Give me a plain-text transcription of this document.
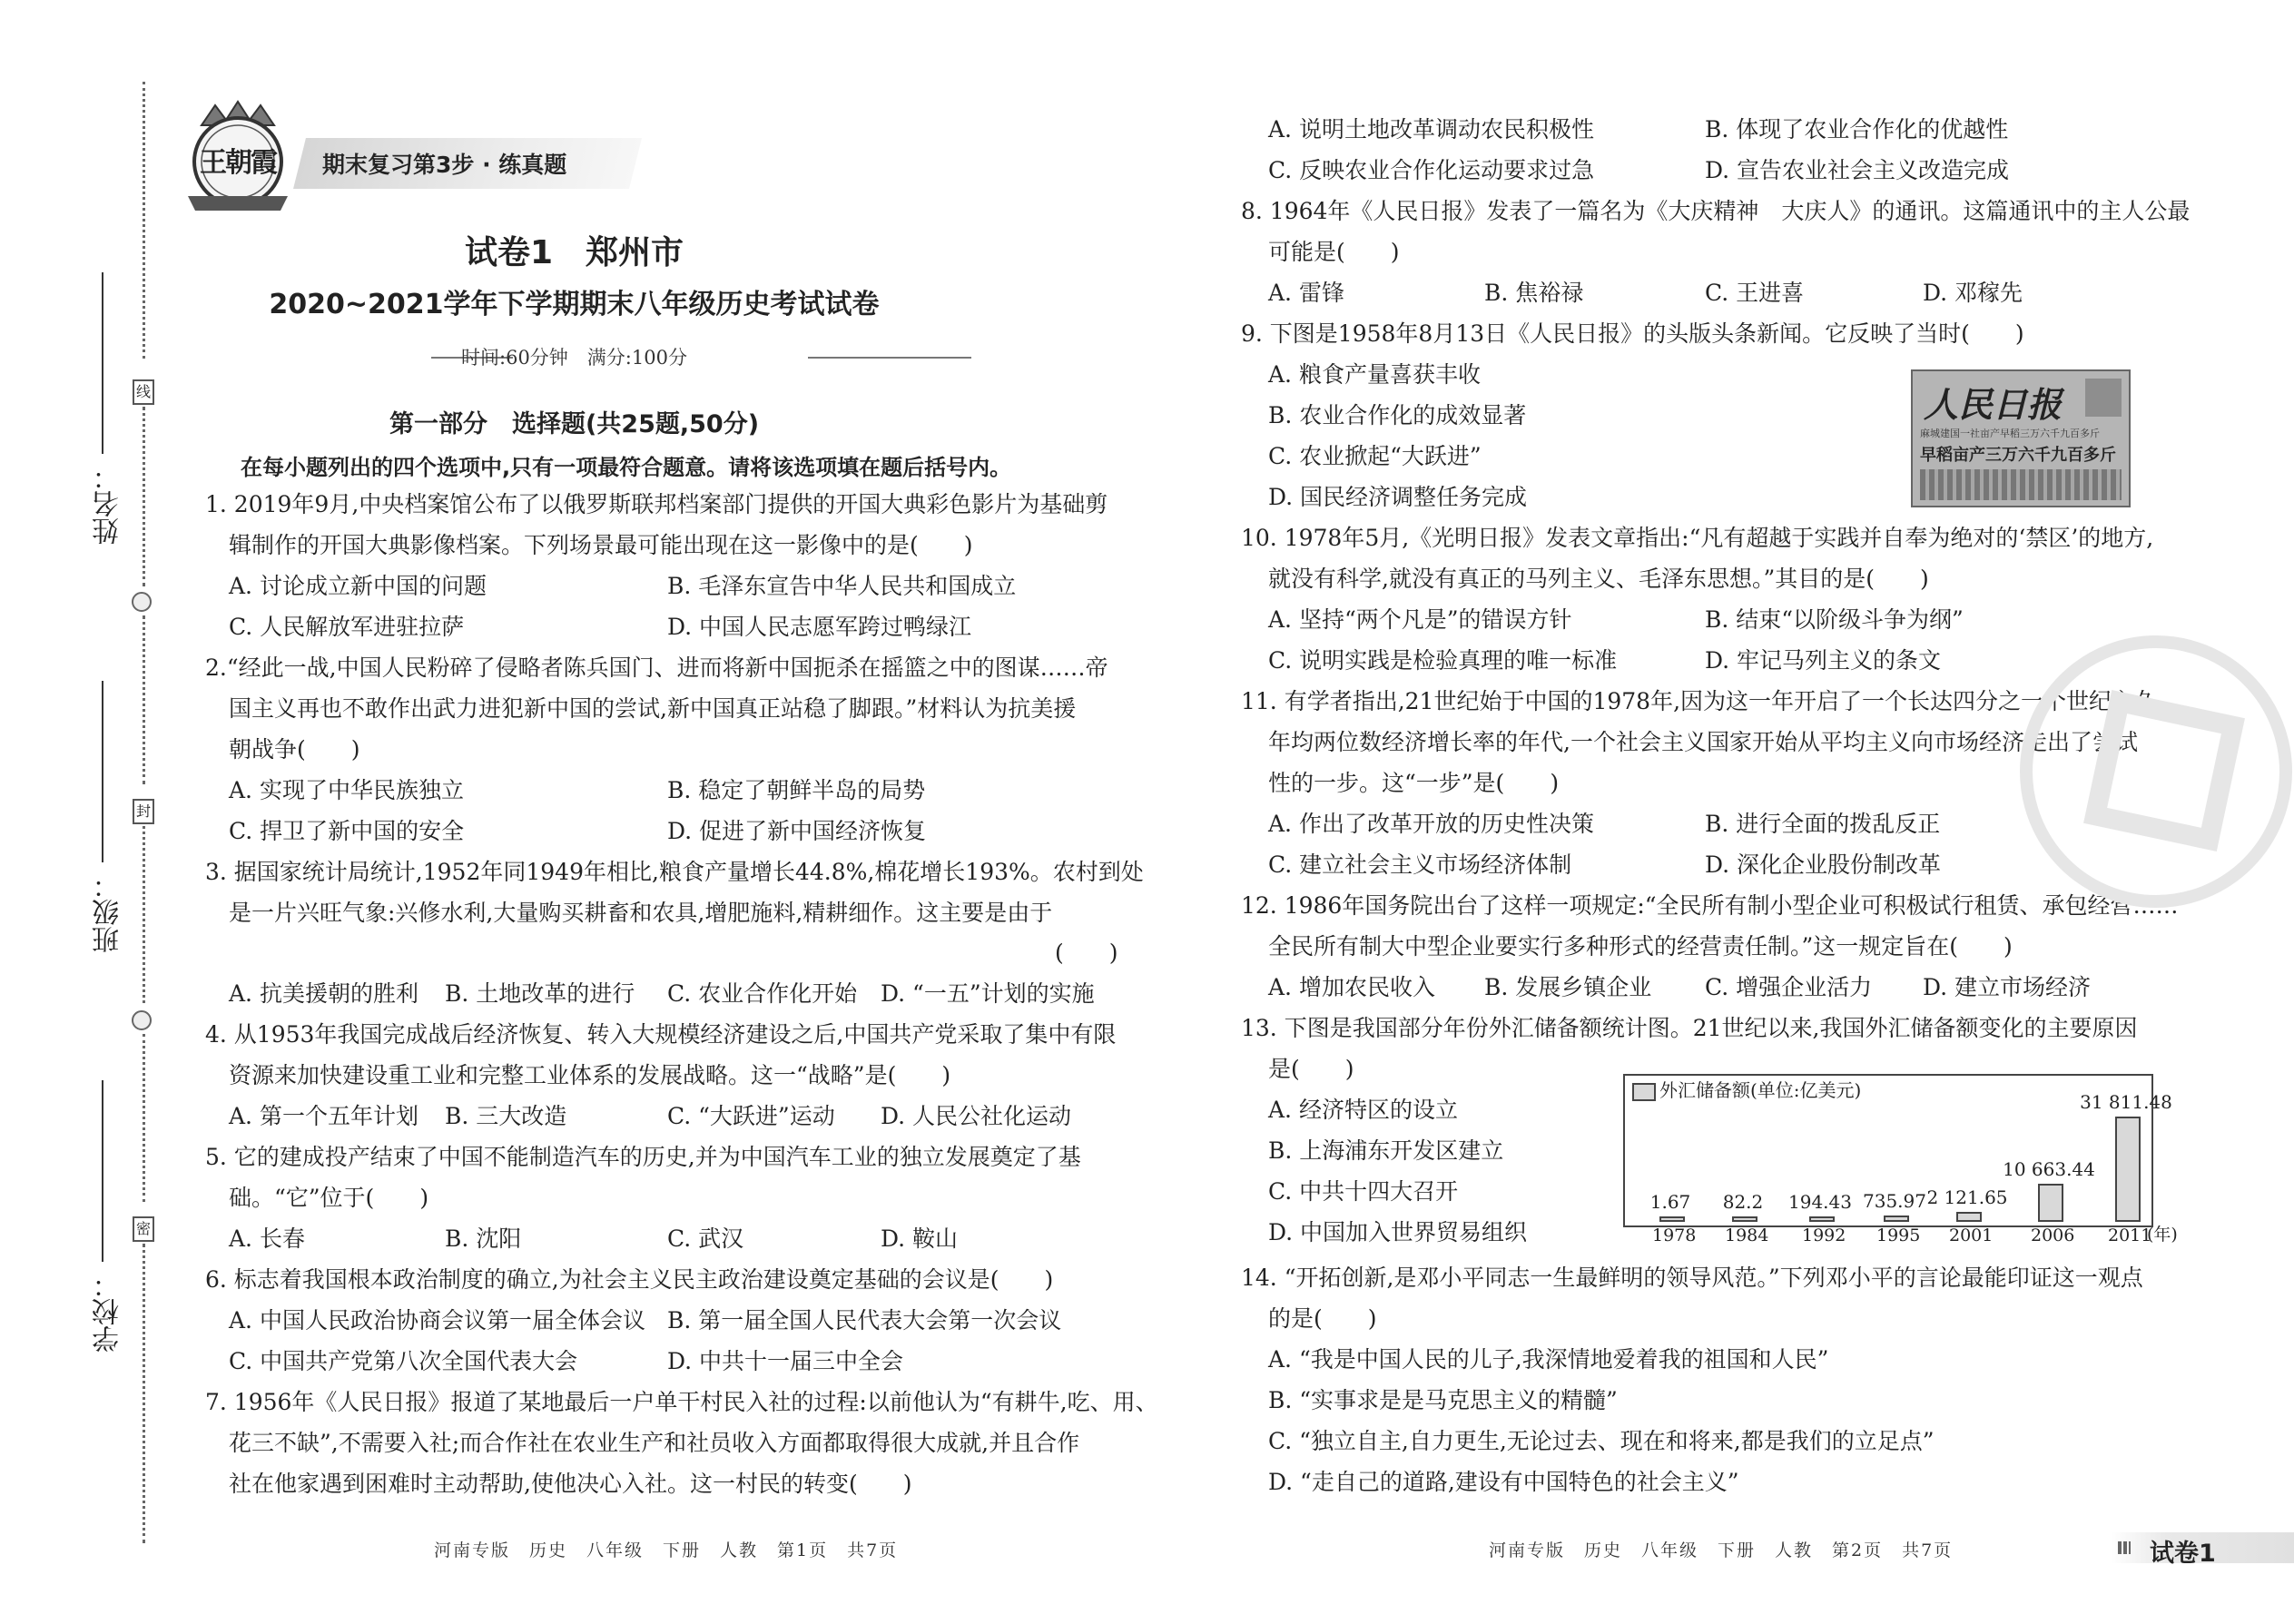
线
封
密
姓名：
班级：
学校：
王朝霞 期末复习第3步 · 练真题
试卷1　郑州市
2020~2021学年下学期期末八年级历史考试试卷
时间:60分钟　满分:100分
第一部分　选择题(共25题,50分)
在每小题列出的四个选项中,只有一项最符合题意。请将该选项填在题后括号内。
1. 2019年9月,中央档案馆公布了以俄罗斯联邦档案部门提供的开国大典彩色影片为基础剪
辑制作的开国大典影像档案。下列场景最可能出现在这一影像中的是(　　)
A. 讨论成立新中国的问题	B. 毛泽东宣告中华人民共和国成立
C. 人民解放军进驻拉萨	D. 中国人民志愿军跨过鸭绿江
2.“经此一战,中国人民粉碎了侵略者陈兵国门、进而将新中国扼杀在摇篮之中的图谋……帝
国主义再也不敢作出武力进犯新中国的尝试,新中国真正站稳了脚跟。”材料认为抗美援
朝战争(　　)
A. 实现了中华民族独立	B. 稳定了朝鲜半岛的局势
C. 捍卫了新中国的安全	D. 促进了新中国经济恢复
3. 据国家统计局统计,1952年同1949年相比,粮食产量增长44.8%,棉花增长193%。农村到处
是一片兴旺气象:兴修水利,大量购买耕畜和农具,增肥施料,精耕细作。这主要是由于
(　　)
A. 抗美援朝的胜利 B. 土地改革的进行 C. 农业合作化开始 D. “一五”计划的实施
4. 从1953年我国完成战后经济恢复、转入大规模经济建设之后,中国共产党采取了集中有限
资源来加快建设重工业和完整工业体系的发展战略。这一“战略”是(　　)
A. 第一个五年计划 B. 三大改造	C. “大跃进”运动 D. 人民公社化运动
5. 它的建成投产结束了中国不能制造汽车的历史,并为中国汽车工业的独立发展奠定了基
础。“它”位于(　　)
A. 长春	B. 沈阳	C. 武汉	D. 鞍山
6. 标志着我国根本政治制度的确立,为社会主义民主政治建设奠定基础的会议是(　　)
A. 中国人民政治协商会议第一届全体会议 B. 第一届全国人民代表大会第一次会议
C. 中国共产党第八次全国代表大会	D. 中共十一届三中全会
7. 1956年《人民日报》报道了某地最后一户单干村民入社的过程:以前他认为“有耕牛,吃、用、
花三不缺”,不需要入社;而合作社在农业生产和社员收入方面都取得很大成就,并且合作
社在他家遇到困难时主动帮助,使他决心入社。这一村民的转变(　　)
河南专版　历史　八年级　下册　人教　第1页　共7页
A. 说明土地改革调动农民积极性	B. 体现了农业合作化的优越性
C. 反映农业合作化运动要求过急	D. 宣告农业社会主义改造完成
8. 1964年《人民日报》发表了一篇名为《大庆精神　大庆人》的通讯。这篇通讯中的主人公最
可能是(　　)
A. 雷锋	B. 焦裕禄	C. 王进喜	D. 邓稼先
9. 下图是1958年8月13日《人民日报》的头版头条新闻。它反映了当时(　　)
A. 粮食产量喜获丰收
B. 农业合作化的成效显著
C. 农业掀起“大跃进”
D. 国民经济调整任务完成
人民日报
麻城建国一社亩产早稻三万六千九百多斤
早稻亩产三万六千九百多斤
10. 1978年5月,《光明日报》发表文章指出:“凡有超越于实践并自奉为绝对的‘禁区’的地方,
就没有科学,就没有真正的马列主义、毛泽东思想。”其目的是(　　)
A. 坚持“两个凡是”的错误方针	B. 结束“以阶级斗争为纲”
C. 说明实践是检验真理的唯一标准	D. 牢记马列主义的条文
11. 有学者指出,21世纪始于中国的1978年,因为这一年开启了一个长达四分之一个世纪之久
年均两位数经济增长率的年代,一个社会主义国家开始从平均主义向市场经济走出了尝试
性的一步。这“一步”是(　　)
A. 作出了改革开放的历史性决策	B. 进行全面的拨乱反正
C. 建立社会主义市场经济体制	D. 深化企业股份制改革
12. 1986年国务院出台了这样一项规定:“全民所有制小型企业可积极试行租赁、承包经营……
全民所有制大中型企业要实行多种形式的经营责任制。”这一规定旨在(　　)
A. 增加农民收入 B. 发展乡镇企业 C. 增强企业活力 D. 建立市场经济
13. 下图是我国部分年份外汇储备额统计图。21世纪以来,我国外汇储备额变化的主要原因
是(　　)
A. 经济特区的设立
B. 上海浦东开发区建立
C. 中共十四大召开
D. 中国加入世界贸易组织
外汇储备额(单位:亿美元)
1.67
1978
82.2
1984
194.43
1992
735.97
1995
2 121.65
2001
10 663.44
2006
31 811.48
2011
(年)
14. “开拓创新,是邓小平同志一生最鲜明的领导风范。”下列邓小平的言论最能印证这一观点
的是(　　)
A. “我是中国人民的儿子,我深情地爱着我的祖国和人民”
B. “实事求是是马克思主义的精髓”
C. “独立自主,自力更生,无论过去、现在和将来,都是我们的立足点”
D. “走自己的道路,建设有中国特色的社会主义”
河南专版　历史　八年级　下册　人教　第2页　共7页	试卷1
